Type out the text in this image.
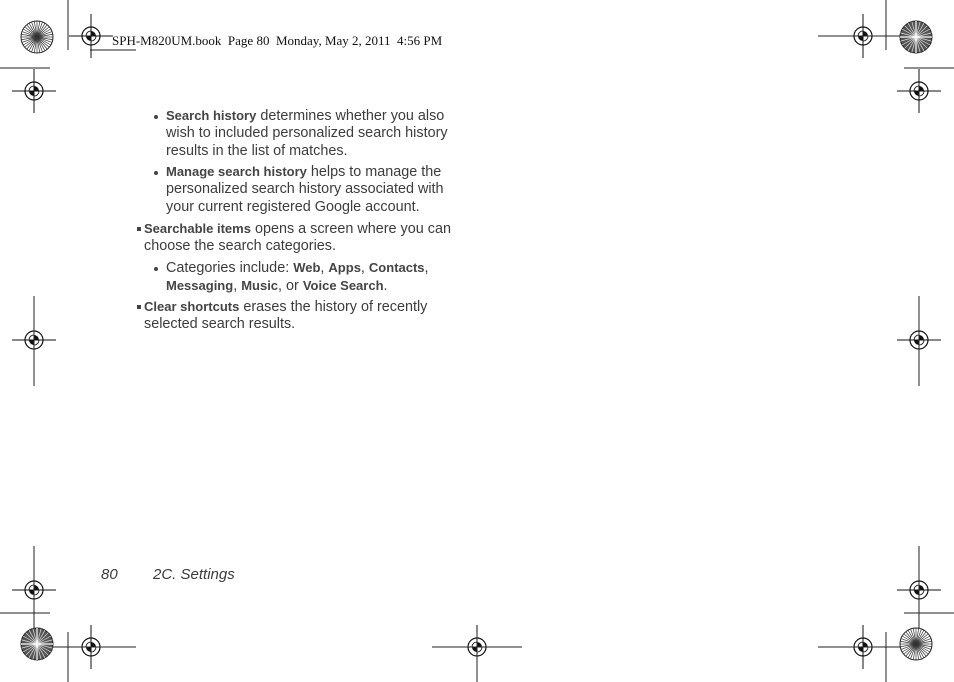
SPH-M820UM.book  Page 80  Monday, May 2, 2011  4:56 PM
Search history determines whether you also
wish to included personalized search history
results in the list of matches.
Manage search history helps to manage the
personalized search history associated with
your current registered Google account.
Searchable items opens a screen where you can
choose the search categories.
Categories include: Web, Apps, Contacts,
Messaging, Music, or Voice Search.
Clear shortcuts erases the history of recently
selected search results.
80 2C. Settings
